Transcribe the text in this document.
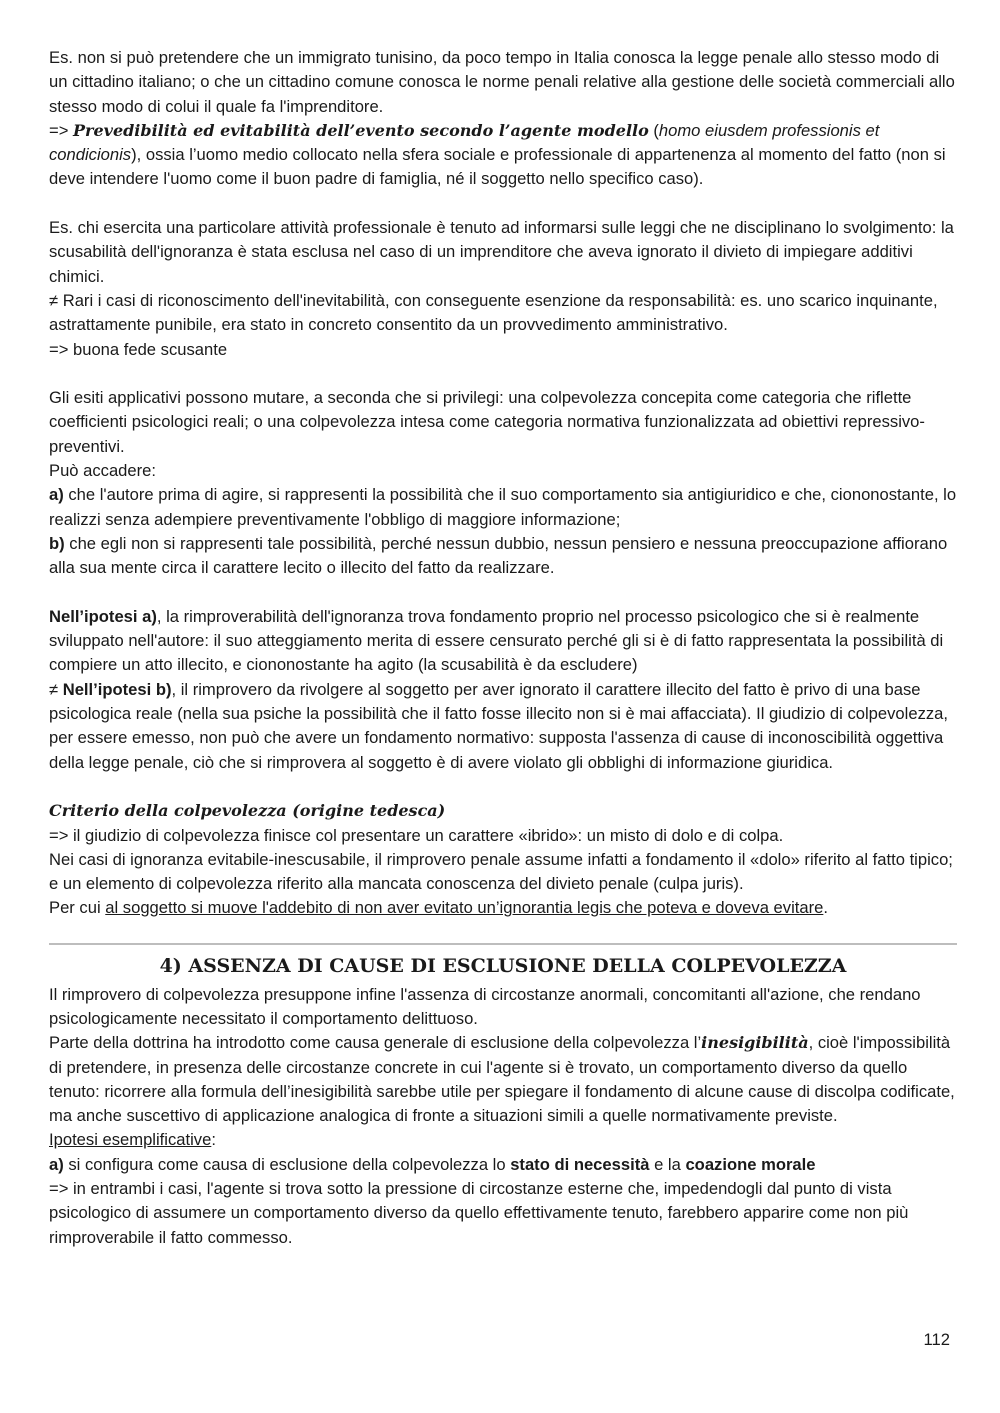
Es. non si può pretendere che un immigrato tunisino, da poco tempo in Italia conosca la legge penale allo stesso modo di un cittadino italiano; o che un cittadino comune conosca le norme penali relative alla gestione delle società commerciali allo stesso modo di colui il quale fa l'imprenditore.

=> Prevedibilità ed evitabilità dell’evento secondo l’agente modello (homo eiusdem professionis et condicionis), ossia l’uomo medio collocato nella sfera sociale e professionale di appartenenza al momento del fatto (non si deve intendere l'uomo come il buon padre di famiglia, né il soggetto nello specifico caso).

Es. chi esercita una particolare attività professionale è tenuto ad informarsi sulle leggi che ne disciplinano lo svolgimento: la scusabilità dell'ignoranza è stata esclusa nel caso di un imprenditore che aveva ignorato il divieto di impiegare additivi chimici.

≠ Rari i casi di riconoscimento dell'inevitabilità, con conseguente esenzione da responsabilità: es. uno scarico inquinante, astrattamente punibile, era stato in concreto consentito da un provvedimento amministrativo.

=> buona fede scusante

Gli esiti applicativi possono mutare, a seconda che si privilegi: una colpevolezza concepita come categoria che riflette coefficienti psicologici reali; o una colpevolezza intesa come categoria normativa funzionalizzata ad obiettivi repressivo-preventivi.

Può accadere:

a) che l'autore prima di agire, si rappresenti la possibilità che il suo comportamento sia antigiuridico e che, ciononostante, lo realizzi senza adempiere preventivamente l'obbligo di maggiore informazione;

b) che egli non si rappresenti tale possibilità, perché nessun dubbio, nessun pensiero e nessuna preoccupazione affiorano alla sua mente circa il carattere lecito o illecito del fatto da realizzare.

Nell’ipotesi a), la rimproverabilità dell'ignoranza trova fondamento proprio nel processo psicologico che si è realmente sviluppato nell'autore: il suo atteggiamento merita di essere censurato perché gli si è di fatto rappresentata la possibilità di compiere un atto illecito, e ciononostante ha agito (la scusabilità è da escludere)

≠ Nell’ipotesi b), il rimprovero da rivolgere al soggetto per aver ignorato il carattere illecito del fatto è privo di una base psicologica reale (nella sua psiche la possibilità che il fatto fosse illecito non si è mai affacciata). Il giudizio di colpevolezza, per essere emesso, non può che avere un fondamento normativo: supposta l'assenza di cause di inconoscibilità oggettiva della legge penale, ciò che si rimprovera al soggetto è di avere violato gli obblighi di informazione giuridica.

Criterio della colpevolezza (origine tedesca)

=> il giudizio di colpevolezza finisce col presentare un carattere «ibrido»: un misto di dolo e di colpa.

Nei casi di ignoranza evitabile-inescusabile, il rimprovero penale assume infatti a fondamento il «dolo» riferito al fatto tipico; e un elemento di colpevolezza riferito alla mancata conoscenza del divieto penale (culpa juris).

Per cui al soggetto si muove l'addebito di non aver evitato un’ignorantia legis che poteva e doveva evitare.

4) ASSENZA DI CAUSE DI ESCLUSIONE DELLA COLPEVOLEZZA

Il rimprovero di colpevolezza presuppone infine l'assenza di circostanze anormali, concomitanti all'azione, che rendano psicologicamente necessitato il comportamento delittuoso.

Parte della dottrina ha introdotto come causa generale di esclusione della colpevolezza l’inesigibilità, cioè l'impossibilità di pretendere, in presenza delle circostanze concrete in cui l'agente si è trovato, un comportamento diverso da quello tenuto: ricorrere alla formula dell’inesigibilità sarebbe utile per spiegare il fondamento di alcune cause di discolpa codificate, ma anche suscettivo di applicazione analogica di fronte a situazioni simili a quelle normativamente previste.

Ipotesi esemplificative:

a) si configura come causa di esclusione della colpevolezza lo stato di necessità e la coazione morale

=> in entrambi i casi, l'agente si trova sotto la pressione di circostanze esterne che, impedendogli dal punto di vista psicologico di assumere un comportamento diverso da quello effettivamente tenuto, farebbero apparire come non più rimproverabile il fatto commesso.

112
